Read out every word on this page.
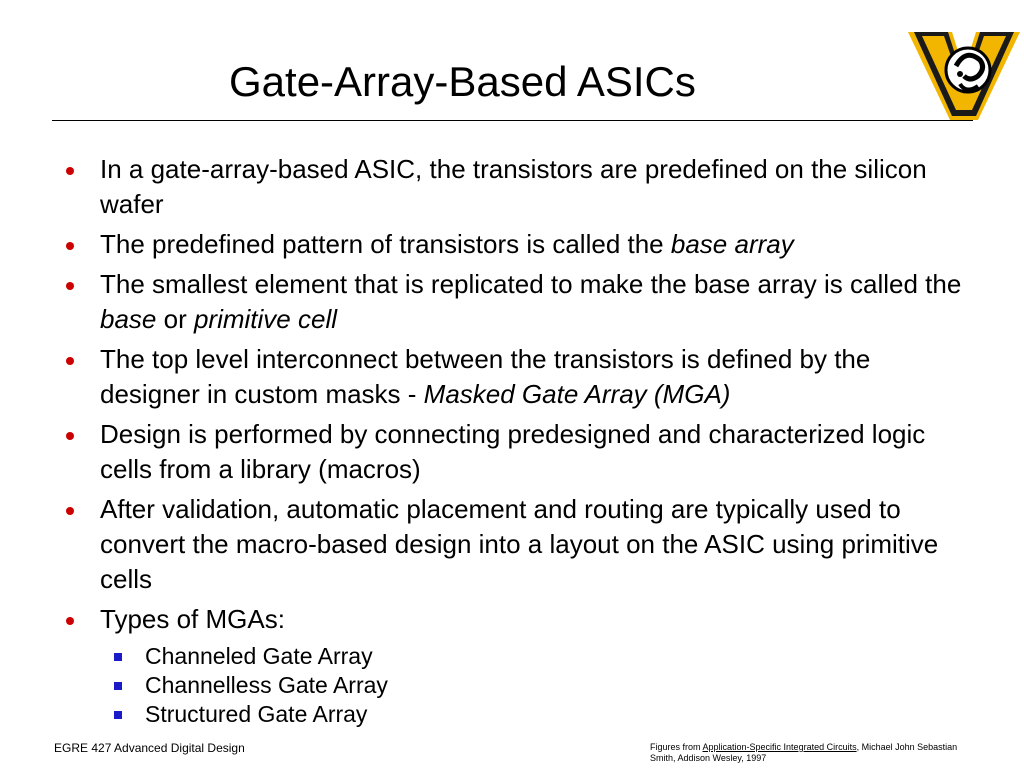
Gate-Array-Based ASICs
In a gate-array-based ASIC, the transistors are predefined on the silicon wafer
The predefined pattern of transistors is called the base array
The smallest element that is replicated to make the base array is called the base or primitive cell
The top level interconnect between the transistors is defined by the designer in custom masks - Masked Gate Array (MGA)
Design is performed by connecting predesigned and characterized logic cells from a library (macros)
After validation, automatic placement and routing are typically used to convert the macro-based design into a layout on the ASIC using primitive cells
Types of MGAs:
Channeled Gate Array
Channelless Gate Array
Structured Gate Array
EGRE 427 Advanced Digital Design	Figures from Application-Specific Integrated Circuits, Michael John Sebastian Smith, Addison Wesley, 1997
